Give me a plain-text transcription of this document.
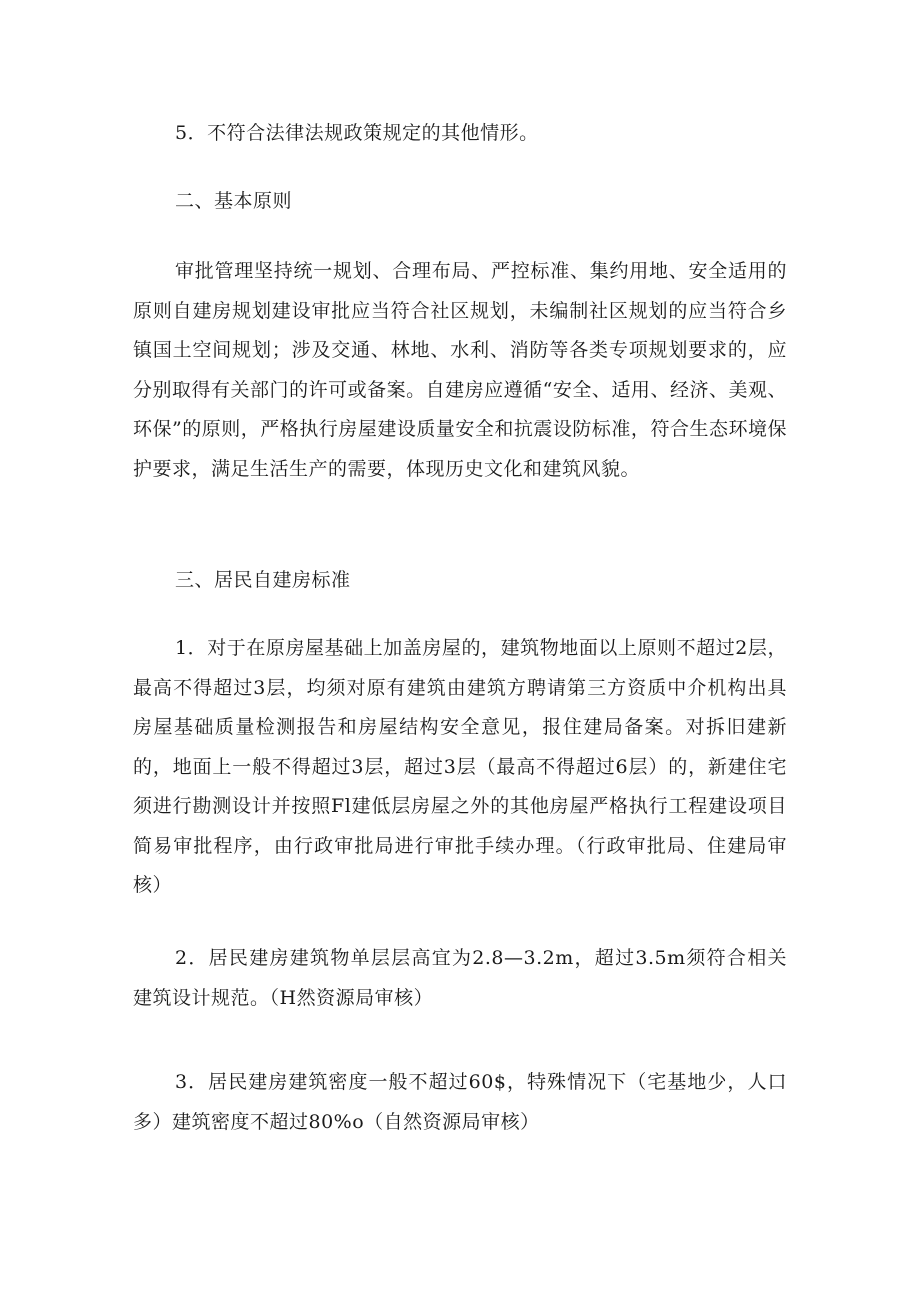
5．不符合法律法规政策规定的其他情形。

二、基本原则

审批管理坚持统一规划、合理布局、严控标准、集约用地、安全适用的原则自建房规划建设审批应当符合社区规划，未编制社区规划的应当符合乡镇国土空间规划；涉及交通、林地、水利、消防等各类专项规划要求的，应分别取得有关部门的许可或备案。自建房应遵循“安全、适用、经济、美观、环保”的原则，严格执行房屋建设质量安全和抗震设防标准，符合生态环境保护要求，满足生活生产的需要，体现历史文化和建筑风貌。

三、居民自建房标准

1．对于在原房屋基础上加盖房屋的，建筑物地面以上原则不超过2层，最高不得超过3层，均须对原有建筑由建筑方聘请第三方资质中介机构出具房屋基础质量检测报告和房屋结构安全意见，报住建局备案。对拆旧建新的，地面上一般不得超过3层，超过3层（最高不得超过6层）的，新建住宅须进行勘测设计并按照Fl建低层房屋之外的其他房屋严格执行工程建设项目简易审批程序，由行政审批局进行审批手续办理。（行政审批局、住建局审核）

2．居民建房建筑物单层层高宜为2.8—3.2m，超过3.5m须符合相关建筑设计规范。（H然资源局审核）

3．居民建房建筑密度一般不超过60$，特殊情况下（宅基地少，人口多）建筑密度不超过80%o（自然资源局审核）
